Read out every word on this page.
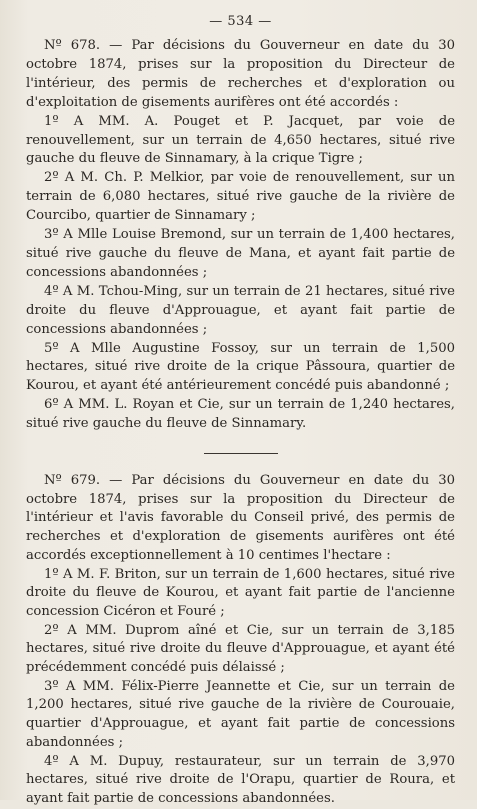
— 534 —

Nº 678. — Par décisions du Gouverneur en date du 30 octobre 1874, prises sur la proposition du Directeur de l'intérieur, des permis de recherches et d'exploration ou d'exploitation de gisements aurifères ont été accordés :

1º A MM. A. Pouget et P. Jacquet, par voie de renouvellement, sur un terrain de 4,650 hectares, situé rive gauche du fleuve de Sinnamary, à la crique Tigre ;

2º A M. Ch. P. Melkior, par voie de renouvellement, sur un terrain de 6,080 hectares, situé rive gauche de la rivière de Courcibo, quartier de Sinnamary ;

3º A Mlle Louise Bremond, sur un terrain de 1,400 hectares, situé rive gauche du fleuve de Mana, et ayant fait partie de concessions abandonnées ;

4º A M. Tchou-Ming, sur un terrain de 21 hectares, situé rive droite du fleuve d'Approuague, et ayant fait partie de concessions abandonnées ;

5º A Mlle Augustine Fossoy, sur un terrain de 1,500 hectares, situé rive droite de la crique Pâssoura, quartier de Kourou, et ayant été antérieurement concédé puis abandonné ;

6º A MM. L. Royan et Cie, sur un terrain de 1,240 hectares, situé rive gauche du fleuve de Sinnamary.

Nº 679. — Par décisions du Gouverneur en date du 30 octobre 1874, prises sur la proposition du Directeur de l'intérieur et l'avis favorable du Conseil privé, des permis de recherches et d'exploration de gisements aurifères ont été accordés exceptionnellement à 10 centimes l'hectare :

1º A M. F. Briton, sur un terrain de 1,600 hectares, situé rive droite du fleuve de Kourou, et ayant fait partie de l'ancienne concession Cicéron et Fouré ;

2º A MM. Duprom aîné et Cie, sur un terrain de 3,185 hectares, situé rive droite du fleuve d'Approuague, et ayant été précédemment concédé puis délaissé ;

3º A MM. Félix-Pierre Jeannette et Cie, sur un terrain de 1,200 hectares, situé rive gauche de la rivière de Courouaie, quartier d'Approuague, et ayant fait partie de concessions abandonnées ;

4º A M. Dupuy, restaurateur, sur un terrain de 3,970 hectares, situé rive droite de l'Orapu, quartier de Roura, et ayant fait partie de concessions abandonnées.
